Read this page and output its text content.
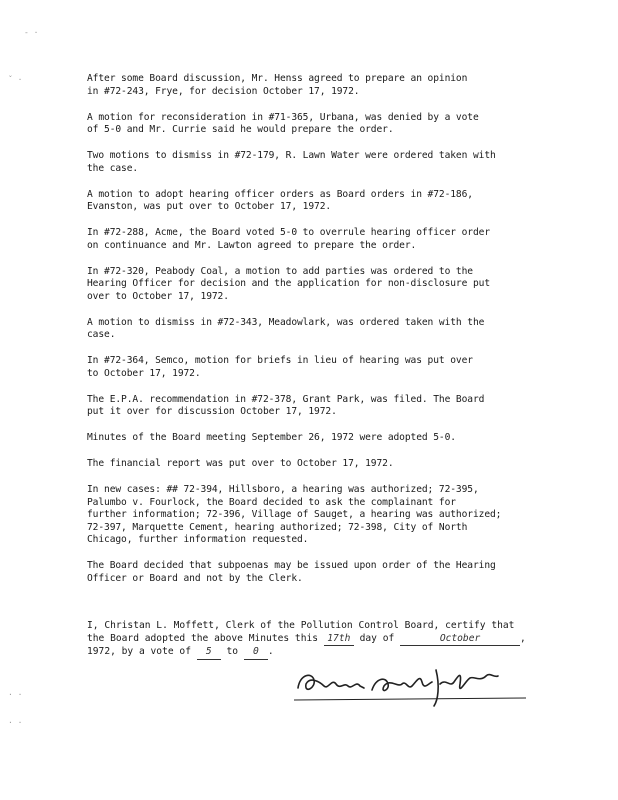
- ·
ˇ ·
· ·
· ·

After some Board discussion, Mr. Henss agreed to prepare an opinion
in #72-243, Frye, for decision October 17, 1972.

A motion for reconsideration in #71-365, Urbana, was denied by a vote
of 5-0 and Mr. Currie said he would prepare the order.

Two motions to dismiss in #72-179, R. Lawn Water were ordered taken with
the case.

A motion to adopt hearing officer orders as Board orders in #72-186,
Evanston, was put over to October 17, 1972.

In #72-288, Acme, the Board voted 5-0 to overrule hearing officer order
on continuance and Mr. Lawton agreed to prepare the order.

In #72-320, Peabody Coal, a motion to add parties was ordered to the
Hearing Officer for decision and the application for non-disclosure put
over to October 17, 1972.

A motion to dismiss in #72-343, Meadowlark, was ordered taken with the
case.

In #72-364, Semco, motion for briefs in lieu of hearing was put over
to October 17, 1972.

The E.P.A. recommendation in #72-378, Grant Park, was filed. The Board
put it over for discussion October 17, 1972.

Minutes of the Board meeting September 26, 1972 were adopted 5-0.

The financial report was put over to October 17, 1972.

In new cases: ## 72-394, Hillsboro, a hearing was authorized; 72-395,
Palumbo v. Fourlock, the Board decided to ask the complainant for
further information; 72-396, Village of Sauget, a hearing was authorized;
72-397, Marquette Cement, hearing authorized; 72-398, City of North
Chicago, further information requested.

The Board decided that subpoenas may be issued upon order of the Hearing
Officer or Board and not by the Clerk.

I, Christan L. Moffett, Clerk of the Pollution Control Board, certify that
the Board adopted the above Minutes this 17th day of	October	,
1972, by a vote of 5 to 0 .
